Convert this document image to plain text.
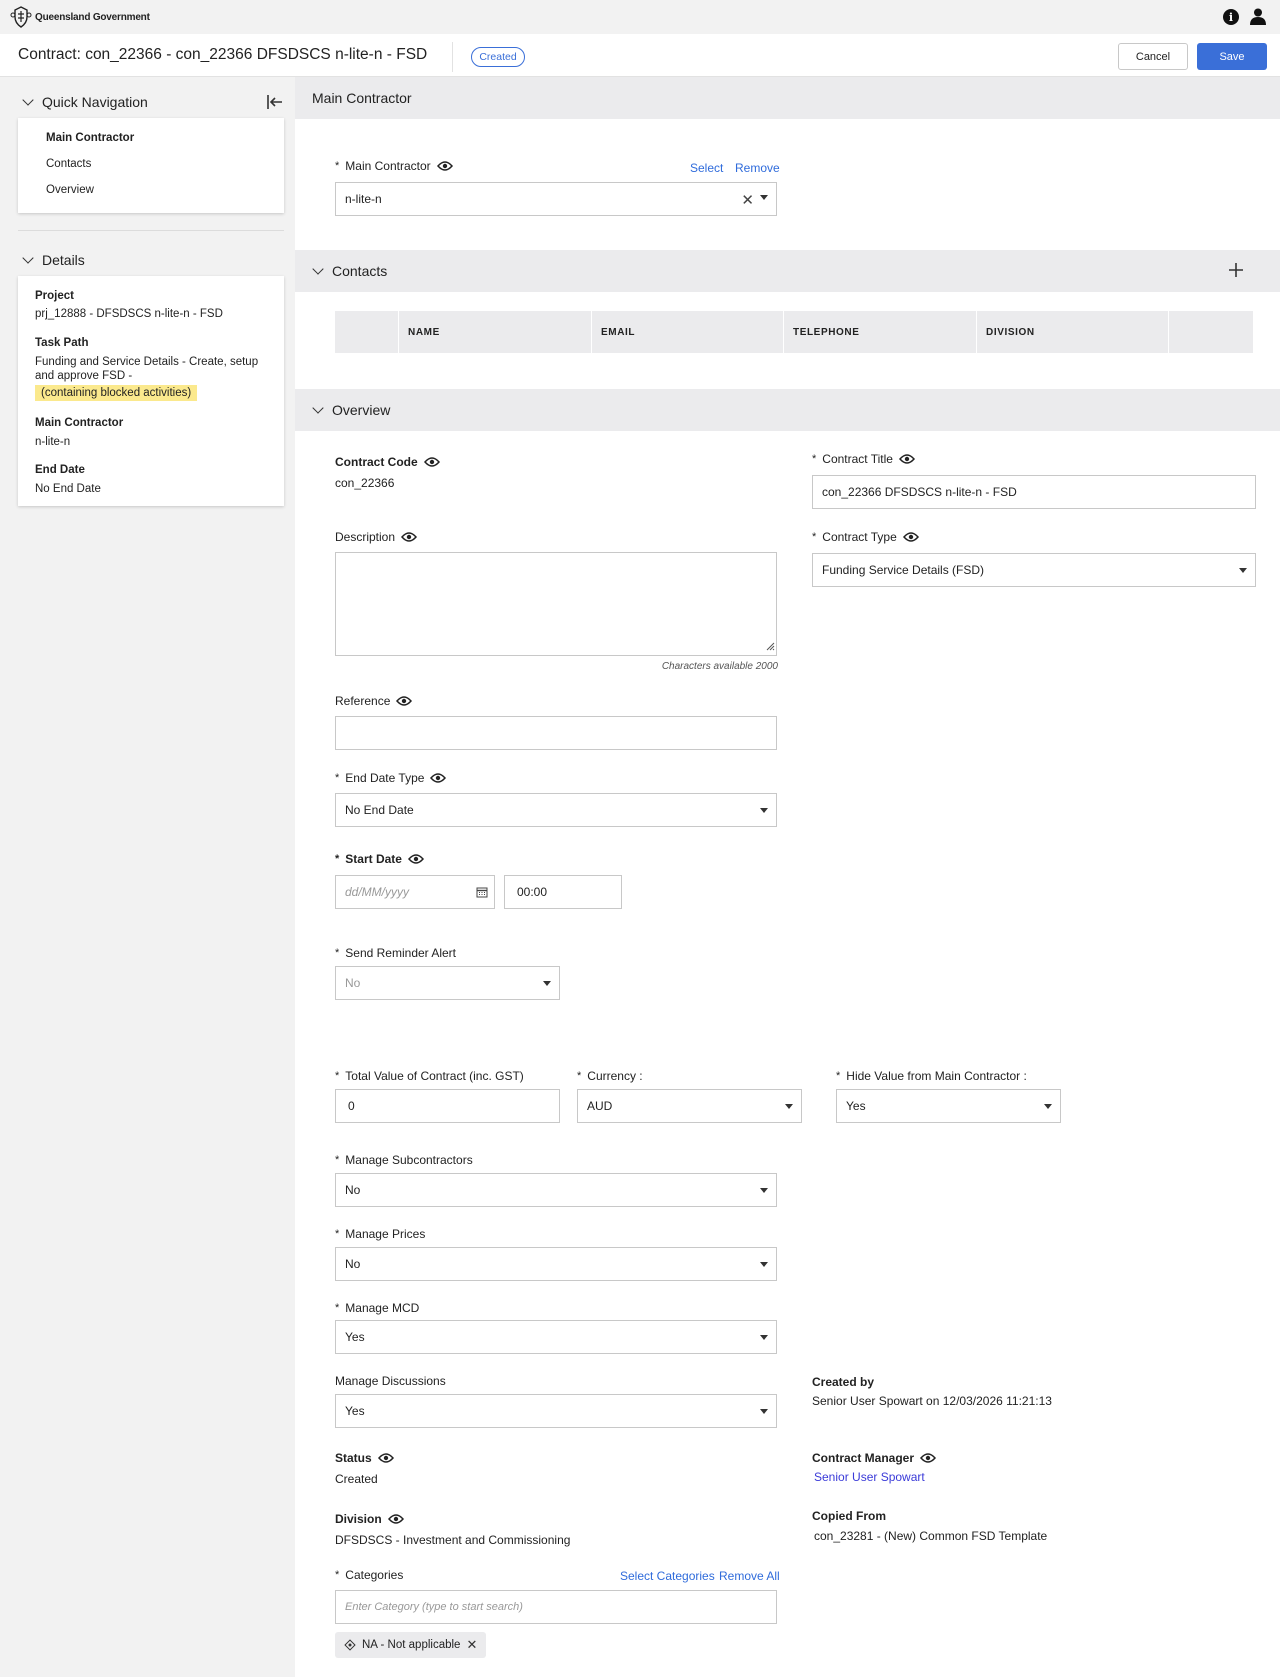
Queensland Government	i
Contract: con_22366 - con_22366 DFSDSCS n-lite-n - FSD	Created	Cancel	Save
Quick Navigation
Main Contractor
Contacts
Overview
Details
Project
prj_12888 - DFSDSCS n-lite-n - FSD
Task Path
Funding and Service Details - Create, setup
and approve FSD -
(containing blocked activities)
Main Contractor
n-lite-n
End Date
No End Date
Main Contractor
* Main Contractor	Select Remove
n-lite-n	✕
Contacts
NAME	EMAIL	TELEPHONE	DIVISION
Overview
Contract Code
con_22366
* Contract Title
con_22366 DFSDSCS n-lite-n - FSD
Description
Characters available 2000
* Contract Type
Funding Service Details (FSD)
Reference
* End Date Type
No End Date
* Start Date
dd/MM/yyyy	00:00
* Send Reminder Alert
No
* Total Value of Contract (inc. GST)
0
* Currency :
AUD
* Hide Value from Main Contractor :
Yes
* Manage Subcontractors
No
* Manage Prices
No
* Manage MCD
Yes
Manage Discussions
Yes
Created by
Senior User Spowart on 12/03/2026 11:21:13
Status
Created
Contract Manager
Senior User Spowart
Division
DFSDSCS - Investment and Commissioning
Copied From
con_23281 - (New) Common FSD Template
* Categories	Select Categories Remove All
Enter Category (type to start search)
NA - Not applicable ✕
